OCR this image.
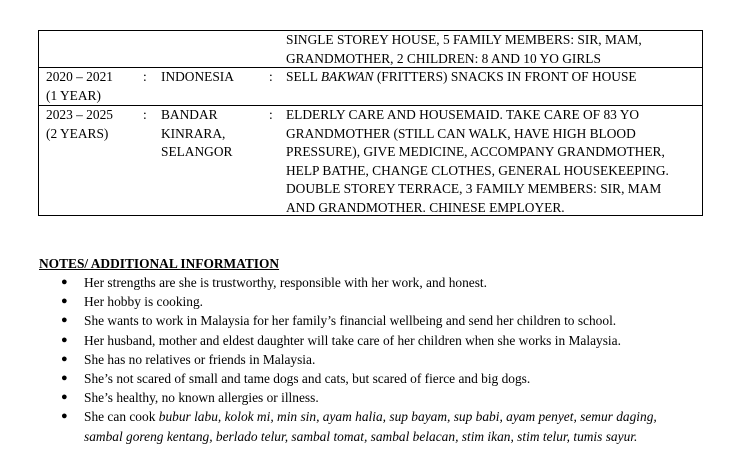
SINGLE STOREY HOUSE, 5 FAMILY MEMBERS: SIR, MAM,
GRANDMOTHER, 2 CHILDREN: 8 AND 10 YO GIRLS
2020 – 2021
(1 YEAR)
: INDONESIA	: SELL BAKWAN (FRITTERS) SNACKS IN FRONT OF HOUSE
2023 – 2025
(2 YEARS)
: BANDAR
KINRARA,
SELANGOR
: ELDERLY CARE AND HOUSEMAID. TAKE CARE OF 83 YO
GRANDMOTHER (STILL CAN WALK, HAVE HIGH BLOOD
PRESSURE), GIVE MEDICINE, ACCOMPANY GRANDMOTHER,
HELP BATHE, CHANGE CLOTHES, GENERAL HOUSEKEEPING.
DOUBLE STOREY TERRACE, 3 FAMILY MEMBERS: SIR, MAM
AND GRANDMOTHER. CHINESE EMPLOYER.
NOTES/ ADDITIONAL INFORMATION
● Her strengths are she is trustworthy, responsible with her work, and honest.
● Her hobby is cooking.
● She wants to work in Malaysia for her family’s financial wellbeing and send her children to school.
● Her husband, mother and eldest daughter will take care of her children when she works in Malaysia.
● She has no relatives or friends in Malaysia.
● She’s not scared of small and tame dogs and cats, but scared of fierce and big dogs.
● She’s healthy, no known allergies or illness.
● She can cook bubur labu, kolok mi, min sin, ayam halia, sup bayam, sup babi, ayam penyet, semur daging,
sambal goreng kentang, berlado telur, sambal tomat, sambal belacan, stim ikan, stim telur, tumis sayur.
